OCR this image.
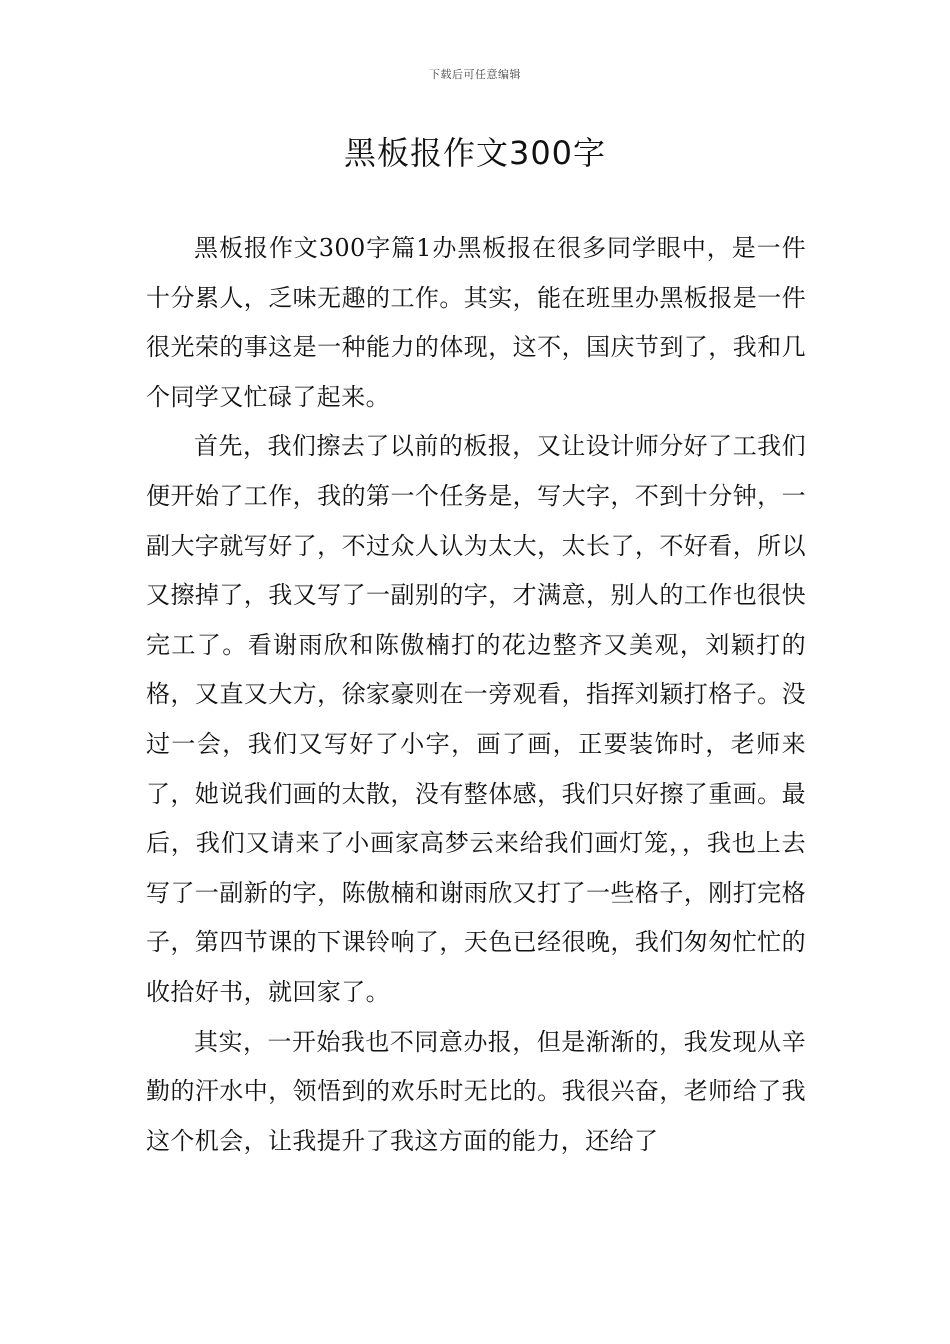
下载后可任意编辑
黑板报作文300字

黑板报作文300字篇1办黑板报在很多同学眼中，是一件十分累人，乏味无趣的工作。其实，能在班里办黑板报是一件很光荣的事这是一种能力的体现，这不，国庆节到了，我和几个同学又忙碌了起来。

首先，我们擦去了以前的板报，又让设计师分好了工我们便开始了工作，我的第一个任务是，写大字，不到十分钟，一副大字就写好了，不过众人认为太大，太长了，不好看，所以又擦掉了，我又写了一副别的字，才满意，别人的工作也很快完工了。看谢雨欣和陈傲楠打的花边整齐又美观，刘颖打的格，又直又大方，徐家豪则在一旁观看，指挥刘颖打格子。没过一会，我们又写好了小字，画了画，正要装饰时，老师来了，她说我们画的太散，没有整体感，我们只好擦了重画。最后，我们又请来了小画家高梦云来给我们画灯笼，，我也上去写了一副新的字，陈傲楠和谢雨欣又打了一些格子，刚打完格子，第四节课的下课铃响了，天色已经很晚，我们匆匆忙忙的收拾好书，就回家了。

其实，一开始我也不同意办报，但是渐渐的，我发现从辛勤的汗水中，领悟到的欢乐时无比的。我很兴奋，老师给了我这个机会，让我提升了我这方面的能力，还给了
